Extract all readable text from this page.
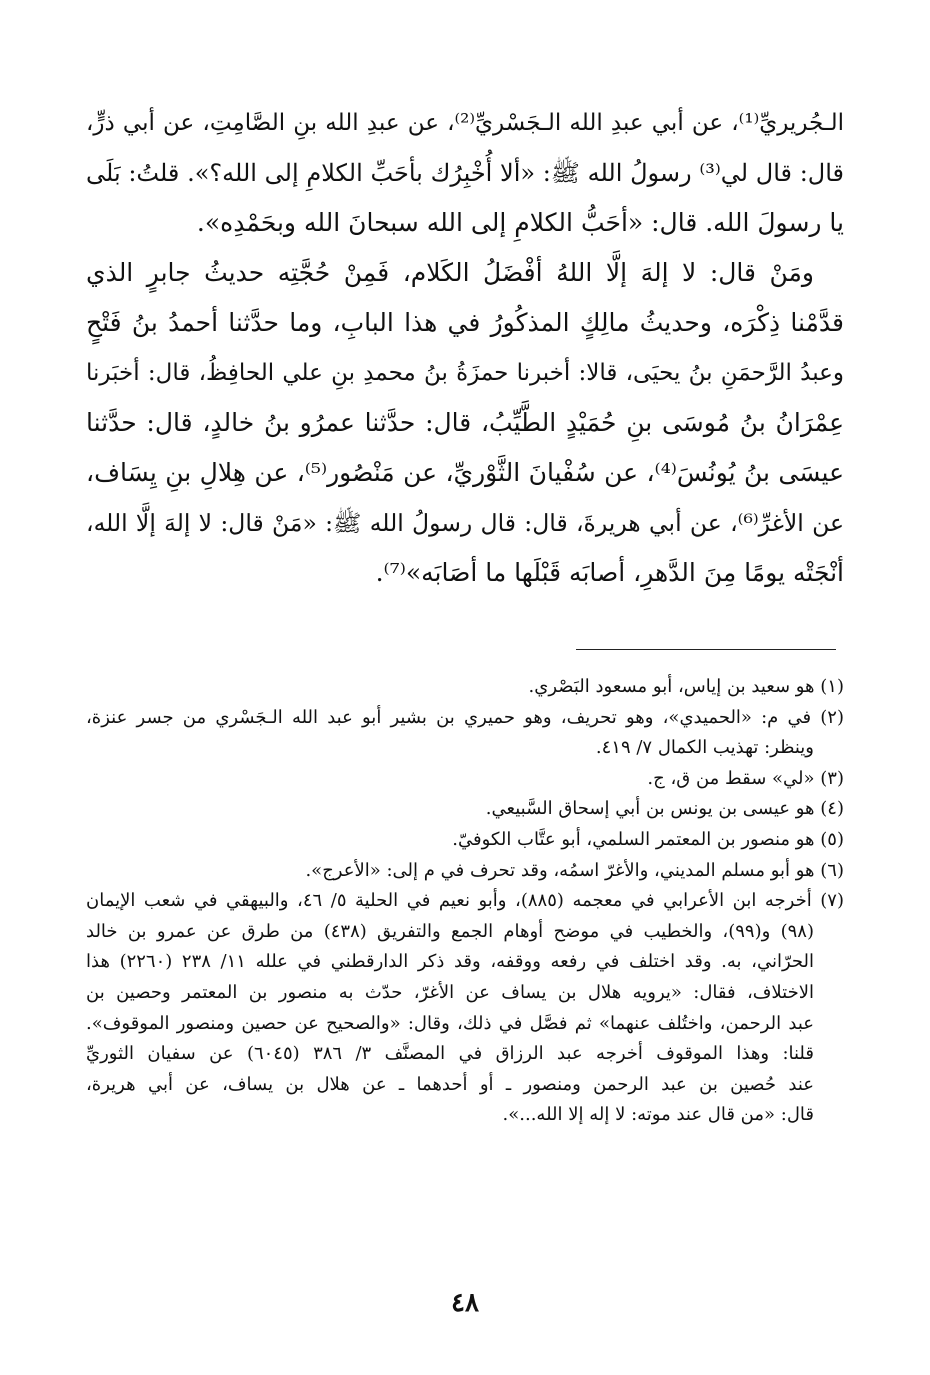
الـجُريريِّ⁽¹⁾، عن أبي عبدِ الله الـجَسْريِّ⁽²⁾، عن عبدِ الله بنِ الصَّامِتِ، عن أبي ذرٍّ،
قال: قال لي⁽³⁾ رسولُ الله ﷺ: «ألا أُخْبِرُك بأحَبِّ الكلامِ إلى الله؟». قلتُ: بَلَى
يا رسولَ الله. قال: «أحَبُّ الكلامِ إلى الله سبحانَ الله وبحَمْدِه».
ومَنْ قال: لا إلهَ إلَّا اللهُ أفْضَلُ الكَلام، فَمِنْ حُجَّتِه حديثُ جابرٍ الذي
قدَّمْنا ذِكْرَه، وحديثُ مالِكٍ المذكُورُ في هذا البابِ، وما حدَّثنا أحمدُ بنُ فَتْحٍ
وعبدُ الرَّحمَنِ بنُ يحيَى، قالا: أخبرنا حمزَةُ بنُ محمدِ بنِ علي الحافِظُ، قال: أخبَرنا
عِمْرَانُ بنُ مُوسَى بنِ حُمَيْدٍ الطَّيِّبُ، قال: حدَّثنا عمرُو بنُ خالدٍ، قال: حدَّثنا
عيسَى بنُ يُونُسَ⁽⁴⁾، عن سُفْيانَ الثَّوْريِّ، عن مَنْصُور⁽⁵⁾، عن هِلالِ بنِ يِسَاف،
عن الأغرِّ⁽⁶⁾، عن أبي هريرةَ، قال: قال رسولُ الله ﷺ: «مَنْ قال: لا إلهَ إلَّا الله،
أنْجَتْه يومًا مِنَ الدَّهرِ، أصابَه قَبْلَها ما أصَابَه»⁽⁷⁾.
(١) هو سعيد بن إياس، أبو مسعود البَصْري.
(٢) في م: «الحميدي»، وهو تحريف، وهو حميري بن بشير أبو عبد الله الـجَسْري من جسر عنزة،
وينظر: تهذيب الكمال ٧/ ٤١٩.
(٣) «لي» سقط من ق، ج.
(٤) هو عيسى بن يونس بن أبي إسحاق السَّبيعي.
(٥) هو منصور بن المعتمر السلمي، أبو عتَّاب الكوفيّ.
(٦) هو أبو مسلم المديني، والأغرّ اسمُه، وقد تحرف في م إلى: «الأعرج».
(٧) أخرجه ابن الأعرابي في معجمه (٨٨٥)، وأبو نعيم في الحلية ٥/ ٤٦، والبيهقي في شعب الإيمان
(٩٨) و(٩٩)، والخطيب في موضح أوهام الجمع والتفريق (٤٣٨) من طرق عن عمرو بن خالد
الحرّاني، به. وقد اختلف في رفعه ووقفه، وقد ذكر الدارقطني في علله ١١/ ٢٣٨ (٢٢٦٠) هذا
الاختلاف، فقال: «يرويه هلال بن يساف عن الأغرّ، حدّث به منصور بن المعتمر وحصين بن
عبد الرحمن، واختُلف عنهما» ثم فصَّل في ذلك، وقال: «والصحيح عن حصين ومنصور الموقوف».
قلنا: وهذا الموقوف أخرجه عبد الرزاق في المصنَّف ٣/ ٣٨٦ (٦٠٤٥) عن سفيان الثوريِّ
عند حُصين بن عبد الرحمن ومنصور ـ أو أحدهما ـ عن هلال بن يساف، عن أبي هريرة،
قال: «من قال عند موته: لا إله إلا الله...».
٤٨
